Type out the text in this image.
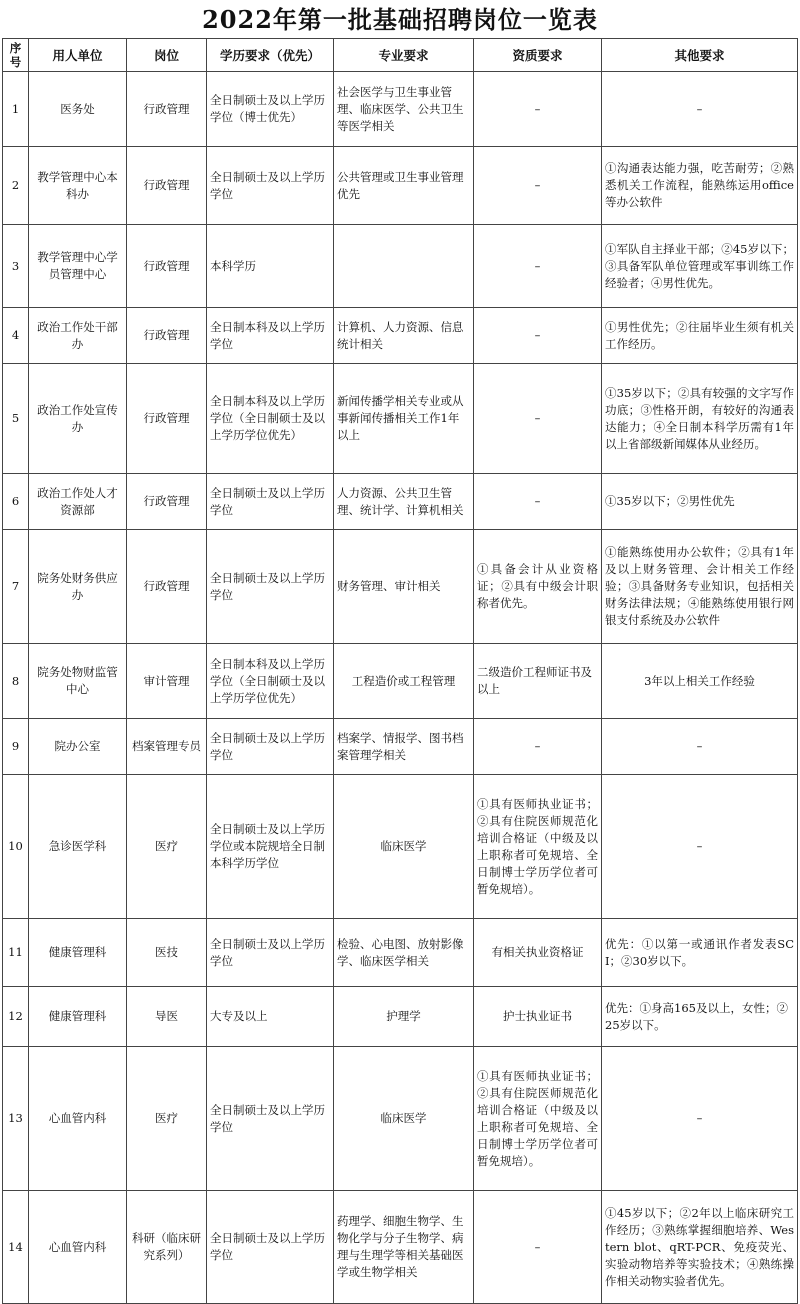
2022年第一批基础招聘岗位一览表
序号	用人单位	岗位	学历要求（优先）	专业要求	资质要求	其他要求
1	医务处	行政管理	全日制硕士及以上学历学位（博士优先）	社会医学与卫生事业管理、临床医学、公共卫生等医学相关	–	–
2	教学管理中心本科办	行政管理	全日制硕士及以上学历学位	公共管理或卫生事业管理优先	–	①沟通表达能力强，吃苦耐劳；②熟悉机关工作流程，能熟练运用office等办公软件
3	教学管理中心学员管理中心	行政管理	本科学历		–	①军队自主择业干部；②45岁以下；③具备军队单位管理或军事训练工作经验者；④男性优先。
4	政治工作处干部办	行政管理	全日制本科及以上学历学位	计算机、人力资源、信息统计相关	–	①男性优先；②往届毕业生须有机关工作经历。
5	政治工作处宣传办	行政管理	全日制本科及以上学历学位（全日制硕士及以上学历学位优先）	新闻传播学相关专业或从事新闻传播相关工作1年以上	–	①35岁以下；②具有较强的文字写作功底；③性格开朗，有较好的沟通表达能力；④全日制本科学历需有1年以上省部级新闻媒体从业经历。
6	政治工作处人才资源部	行政管理	全日制硕士及以上学历学位	人力资源、公共卫生管理、统计学、计算机相关	–	①35岁以下；②男性优先
7	院务处财务供应办	行政管理	全日制硕士及以上学历学位	财务管理、审计相关	①具备会计从业资格证；②具有中级会计职称者优先。	①能熟练使用办公软件；②具有1年及以上财务管理、会计相关工作经验；③具备财务专业知识，包括相关财务法律法规；④能熟练使用银行网银支付系统及办公软件
8	院务处物财监管中心	审计管理	全日制本科及以上学历学位（全日制硕士及以上学历学位优先）	工程造价或工程管理	二级造价工程师证书及以上	3年以上相关工作经验
9	院办公室	档案管理专员	全日制硕士及以上学历学位	档案学、情报学、图书档案管理学相关	–	–
10	急诊医学科	医疗	全日制硕士及以上学历学位或本院规培全日制本科学历学位	临床医学	①具有医师执业证书；②具有住院医师规范化培训合格证（中级及以上职称者可免规培、全日制博士学历学位者可暂免规培）。	–
11	健康管理科	医技	全日制硕士及以上学历学位	检验、心电图、放射影像学、临床医学相关	有相关执业资格证	优先：①以第一或通讯作者发表SCI；②30岁以下。
12	健康管理科	导医	大专及以上	护理学	护士执业证书	优先：①身高165及以上，女性；②25岁以下。
13	心血管内科	医疗	全日制硕士及以上学历学位	临床医学	①具有医师执业证书；②具有住院医师规范化培训合格证（中级及以上职称者可免规培、全日制博士学历学位者可暂免规培）。	–
14	心血管内科	科研（临床研究系列）	全日制硕士及以上学历学位	药理学、细胞生物学、生物化学与分子生物学、病理与生理学等相关基础医学或生物学相关	–	①45岁以下；②2年以上临床研究工作经历；③熟练掌握细胞培养、Western blot、qRT-PCR、免疫荧光、实验动物培养等实验技术；④熟练操作相关动物实验者优先。
